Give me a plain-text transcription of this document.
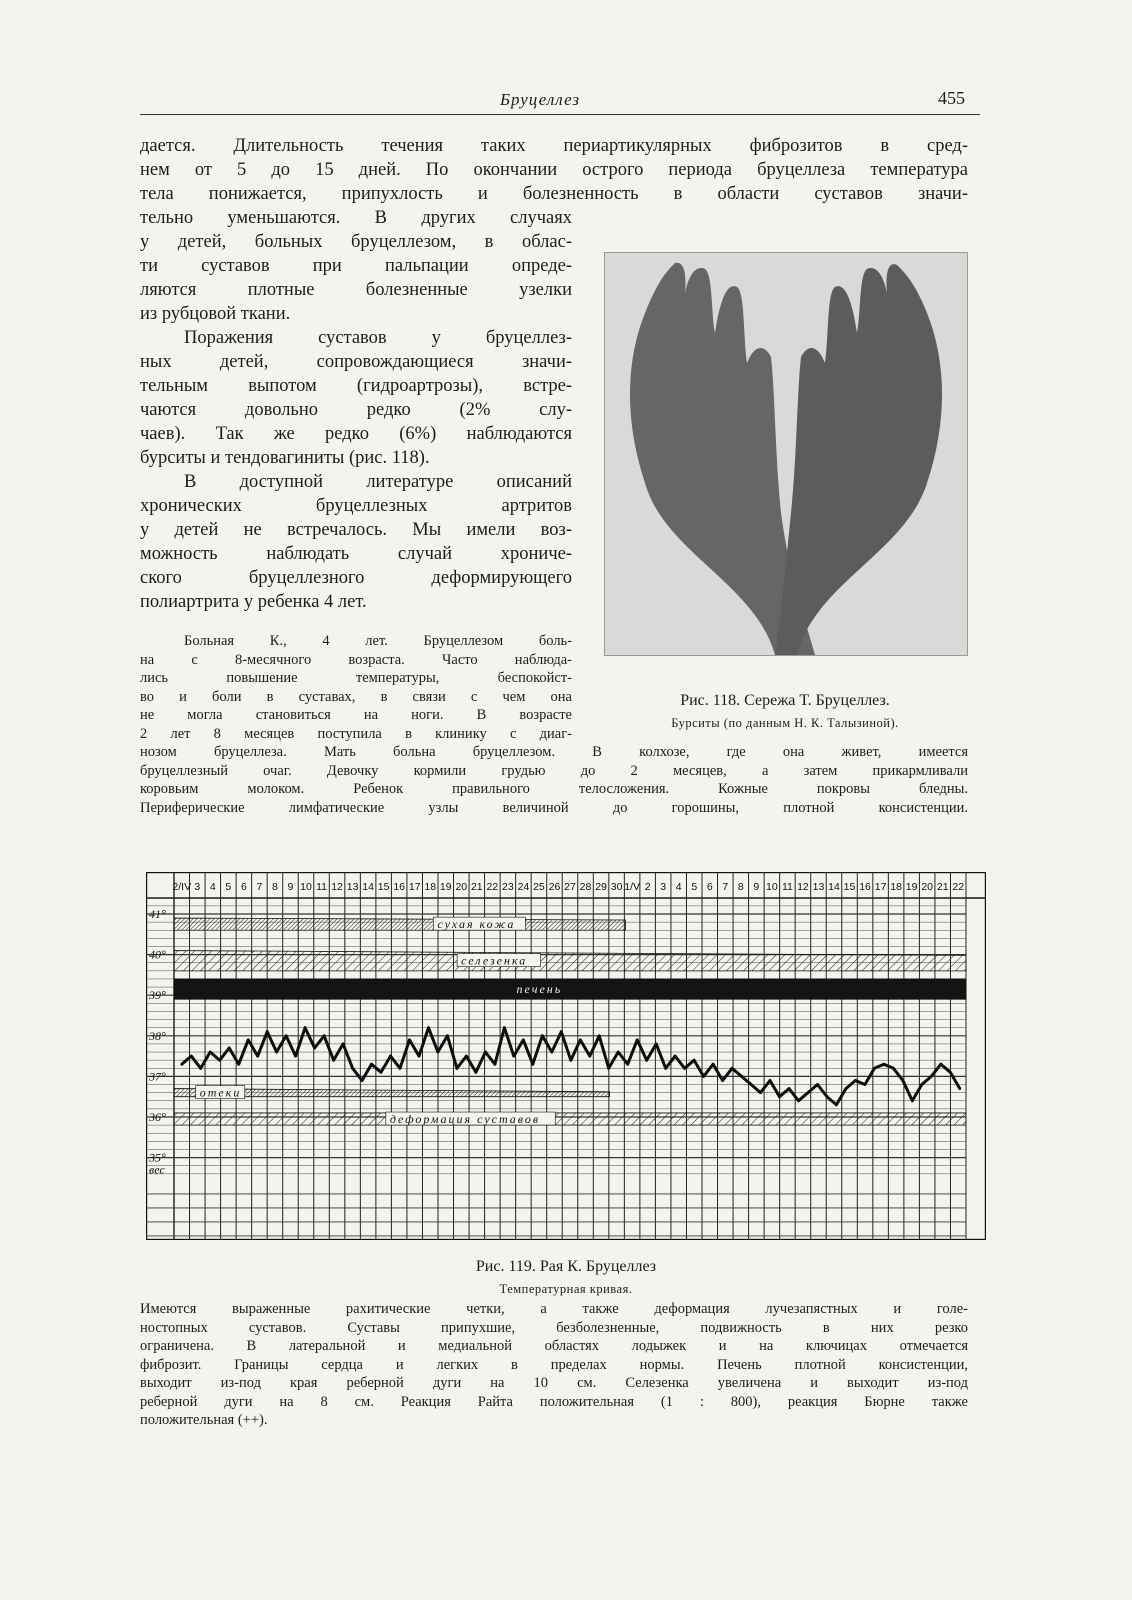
Бруцеллез	455
дается. Длительность течения таких периартикулярных фиброзитов в сред-
нем от 5 до 15 дней. По окончании острого периода бруцеллеза температура
тела понижается, припухлость и болезненность в области суставов значи-
тельно уменьшаются. В других случаях
у детей, больных бруцеллезом, в облас-
ти суставов при пальпации опреде-
ляются плотные болезненные узелки
из рубцовой ткани.
Поражения суставов у бруцеллез-
ных детей, сопровождающиеся значи-
тельным выпотом (гидроартрозы), встре-
чаются довольно редко (2% слу-
чаев). Так же редко (6%) наблюдаются
бурситы и тендовагиниты (рис. 118).
В доступной литературе описаний
хронических бруцеллезных артритов
у детей не встречалось. Мы имели воз-
можность наблюдать случай хрониче-
ского бруцеллезного деформирующего
полиартрита у ребенка 4 лет.
Больная К., 4 лет. Бруцеллезом боль-
на с 8-месячного возраста. Часто наблюда-
лись повышение температуры, беспокойст-
во и боли в суставах, в связи с чем она
не могла становиться на ноги. В возрасте
2 лет 8 месяцев поступила в клинику с диаг-
нозом бруцеллеза. Мать больна бруцеллезом. В колхозе, где она живет, имеется
бруцеллезный очаг. Девочку кормили грудью до 2 месяцев, а затем прикармливали
коровьим молоком. Ребенок правильного телосложения. Кожные покровы бледны.
Периферические лимфатические узлы величиной до горошины, плотной консистенции.
Рис. 118. Сережа Т. Бруцеллез.
Бурситы (по данным Н. К. Талызиной).
сухая кожа
селезенка
печень
отеки
деформация суставов
41°
40°
39°
38°
37°
36°
35°
вес
2/IV 3 4 5 6 7 8 9 10 11 12 13 14 15 16 17 18 19 20 21 22 23 24 25 26 27 28 29 30 1/V 2 3 4 5 6 7 8 9 10 11 12 13 14 15 16 17 18 19 20 21 22
Рис. 119. Рая К. Бруцеллез
Температурная кривая.
Имеются выраженные рахитические четки, а также деформация лучезапястных и голе-
ностопных суставов. Суставы припухшие, безболезненные, подвижность в них резко
ограничена. В латеральной и медиальной областях лодыжек и на ключицах отмечается
фиброзит. Границы сердца и легких в пределах нормы. Печень плотной консистенции,
выходит из-под края реберной дуги на 10 см. Селезенка увеличена и выходит из-под
реберной дуги на 8 см. Реакция Райта положительная (1 : 800), реакция Бюрне также
положительная (++).
